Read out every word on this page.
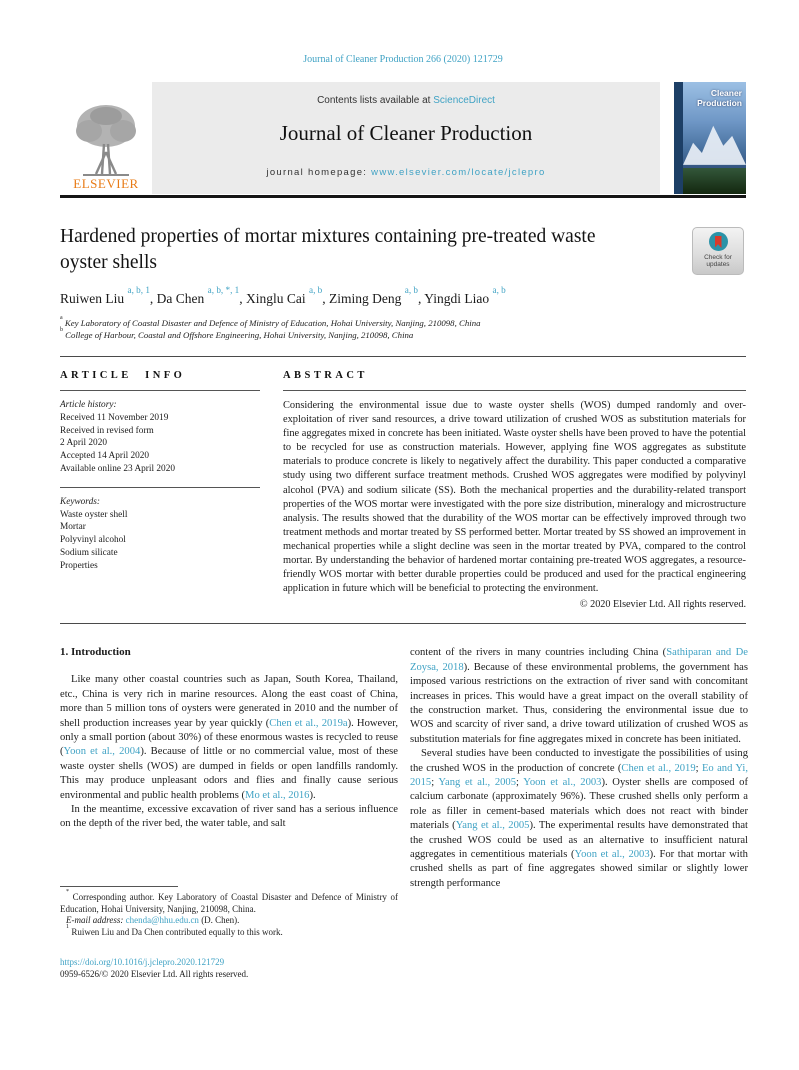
Journal of Cleaner Production 266 (2020) 121729
ELSEVIER
Contents lists available at ScienceDirect
Journal of Cleaner Production
journal homepage: www.elsevier.com/locate/jclepro
Cleaner
Production
Hardened properties of mortar mixtures containing pre-treated waste oyster shells	Check for updates
Ruiwen Liu $^{a, b, 1}$, Da Chen $^{a, b, *, 1}$, Xinglu Cai $^{a, b}$, Ziming Deng $^{a, b}$, Yingdi Liao $^{a, b}$
$^a$ Key Laboratory of Coastal Disaster and Defence of Ministry of Education, Hohai University, Nanjing, 210098, China
$^b$ College of Harbour, Coastal and Offshore Engineering, Hohai University, Nanjing, 210098, China
ARTICLE INFO
Article history:
Received 11 November 2019
Received in revised form
2 April 2020
Accepted 14 April 2020
Available online 23 April 2020
Keywords:
Waste oyster shell
Mortar
Polyvinyl alcohol
Sodium silicate
Properties
ABSTRACT
Considering the environmental issue due to waste oyster shells (WOS) dumped randomly and over-exploitation of river sand resources, a drive toward utilization of crushed WOS as substitution materials for fine aggregates mixed in concrete has been initiated. Waste oyster shells have been proved to have the potential to be recycled for use as construction materials. However, applying fine WOS aggregates as substitute materials to produce concrete is likely to negatively affect the durability. This paper conducted a comparative study using two different surface treatment methods. Crushed WOS aggregates were modified by polyvinyl alcohol (PVA) and sodium silicate (SS). Both the mechanical properties and the durability-related transport properties of the WOS mortar were investigated with the pore size distribution, mineralogy and microstructure analysis. The results showed that the durability of the WOS mortar can be effectively improved through two treatment methods and mortar treated by SS performed better. Mortar treated by SS showed an improvement in mechanical properties while a slight decline was seen in the mortar treated by PVA, compared to the control mortar. By understanding the behavior of hardened mortar containing pre-treated WOS aggregates, a resource-friendly WOS mortar with better durable properties could be produced and used for the practical engineering application in future which will be beneficial to protecting the environment.
© 2020 Elsevier Ltd. All rights reserved.
1. Introduction

Like many other coastal countries such as Japan, South Korea, Thailand, etc., China is very rich in marine resources. Along the east coast of China, more than 5 million tons of oysters were generated in 2010 and the number of shell production increases year by year quickly (Chen et al., 2019a). However, only a small portion (about 30%) of these enormous wastes is recycled to reuse (Yoon et al., 2004). Because of little or no commercial value, most of these waste oyster shells (WOS) are dumped in fields or open landfills randomly. This may produce unpleasant odors and flies and finally cause serious environmental and public health problems (Mo et al., 2016).

In the meantime, excessive excavation of river sand has a serious influence on the depth of the river bed, the water table, and salt

* Corresponding author. Key Laboratory of Coastal Disaster and Defence of Ministry of Education, Hohai University, Nanjing, 210098, China.

E-mail address: chenda@hhu.edu.cn (D. Chen).

$^1$ Ruiwen Liu and Da Chen contributed equally to this work.

content of the rivers in many countries including China (Sathiparan and De Zoysa, 2018). Because of these environmental problems, the government has imposed various restrictions on the extraction of river sand with concomitant increases in prices. This would have a great impact on the overall stability of the construction market. Thus, considering the environmental issue due to WOS and scarcity of river sand, a drive toward utilization of crushed WOS as substitution materials for fine aggregates mixed in concrete has been initiated.

Several studies have been conducted to investigate the possibilities of using the crushed WOS in the production of concrete (Chen et al., 2019; Eo and Yi, 2015; Yang et al., 2005; Yoon et al., 2003). Oyster shells are composed of calcium carbonate (approximately 96%). These crushed shells only perform a role as filler in cement-based materials which does not react with binder materials (Yang et al., 2005). The experimental results have demonstrated that the crushed WOS could be used as an alternative to insufficient natural aggregates in cementitious materials (Yoon et al., 2003). For that mortar with crushed shells as part of fine aggregates showed similar or slightly lower strength performance

https://doi.org/10.1016/j.jclepro.2020.121729
0959-6526/© 2020 Elsevier Ltd. All rights reserved.
